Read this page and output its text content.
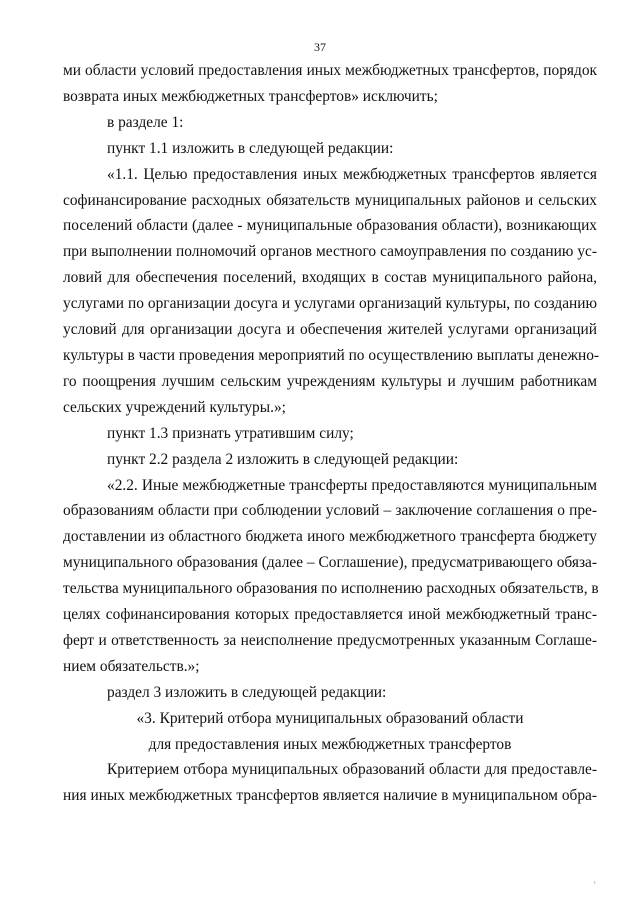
37
ми области условий предоставления иных межбюджетных трансфертов, порядок
возврата иных межбюджетных трансфертов» исключить;
в разделе 1:
пункт 1.1 изложить в следующей редакции:
«1.1. Целью предоставления иных межбюджетных трансфертов является
софинансирование расходных обязательств муниципальных районов и сельских
поселений области (далее - муниципальные образования области), возникающих
при выполнении полномочий органов местного самоуправления по созданию ус-
ловий для обеспечения поселений, входящих в состав муниципального района,
услугами по организации досуга и услугами организаций культуры, по созданию
условий для организации досуга и обеспечения жителей услугами организаций
культуры в части проведения мероприятий по осуществлению выплаты денежно-
го поощрения лучшим сельским учреждениям культуры и лучшим работникам
сельских учреждений культуры.»;
пункт 1.3 признать утратившим силу;
пункт 2.2 раздела 2 изложить в следующей редакции:
«2.2. Иные межбюджетные трансферты предоставляются муниципальным
образованиям области при соблюдении условий – заключение соглашения о пре-
доставлении из областного бюджета иного межбюджетного трансферта бюджету
муниципального образования (далее – Соглашение), предусматривающего обяза-
тельства муниципального образования по исполнению расходных обязательств, в
целях софинансирования которых предоставляется иной межбюджетный транс-
ферт и ответственность за неисполнение предусмотренных указанным Соглаше-
нием обязательств.»;
раздел 3 изложить в следующей редакции:
«3. Критерий отбора муниципальных образований области
для предоставления иных межбюджетных трансфертов
Критерием отбора муниципальных образований области для предоставле-
ния иных межбюджетных трансфертов является наличие в муниципальном обра-
'
